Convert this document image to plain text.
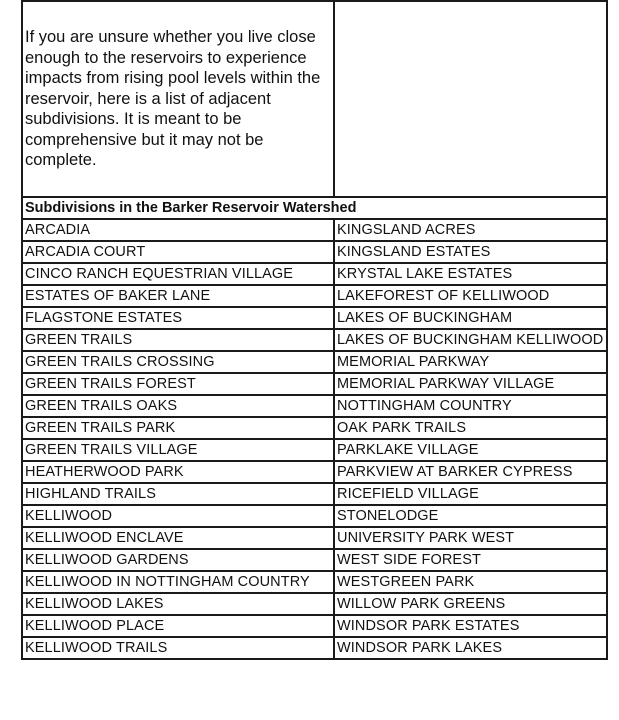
If you are unsure whether you live close enough to the reservoirs to experience impacts from rising pool levels within the reservoir, here is a list of adjacent subdivisions. It is meant to be comprehensive but it may not be complete.	

Subdivisions in the Barker Reservoir Watershed	
ARCADIA	KINGSLAND ACRES
ARCADIA COURT	KINGSLAND ESTATES
CINCO RANCH EQUESTRIAN VILLAGE	KRYSTAL LAKE ESTATES
ESTATES OF BAKER LANE	LAKEFOREST OF KELLIWOOD
FLAGSTONE ESTATES	LAKES OF BUCKINGHAM
GREEN TRAILS	LAKES OF BUCKINGHAM KELLIWOOD
GREEN TRAILS CROSSING	MEMORIAL PARKWAY
GREEN TRAILS FOREST	MEMORIAL PARKWAY VILLAGE
GREEN TRAILS OAKS	NOTTINGHAM COUNTRY
GREEN TRAILS PARK	OAK PARK TRAILS
GREEN TRAILS VILLAGE	PARKLAKE VILLAGE
HEATHERWOOD PARK	PARKVIEW AT BARKER CYPRESS
HIGHLAND TRAILS	RICEFIELD VILLAGE
KELLIWOOD	STONELODGE
KELLIWOOD ENCLAVE	UNIVERSITY PARK WEST
KELLIWOOD GARDENS	WEST SIDE FOREST
KELLIWOOD IN NOTTINGHAM COUNTRY	WESTGREEN PARK
KELLIWOOD LAKES	WILLOW PARK GREENS
KELLIWOOD PLACE	WINDSOR PARK ESTATES
KELLIWOOD TRAILS	WINDSOR PARK LAKES
